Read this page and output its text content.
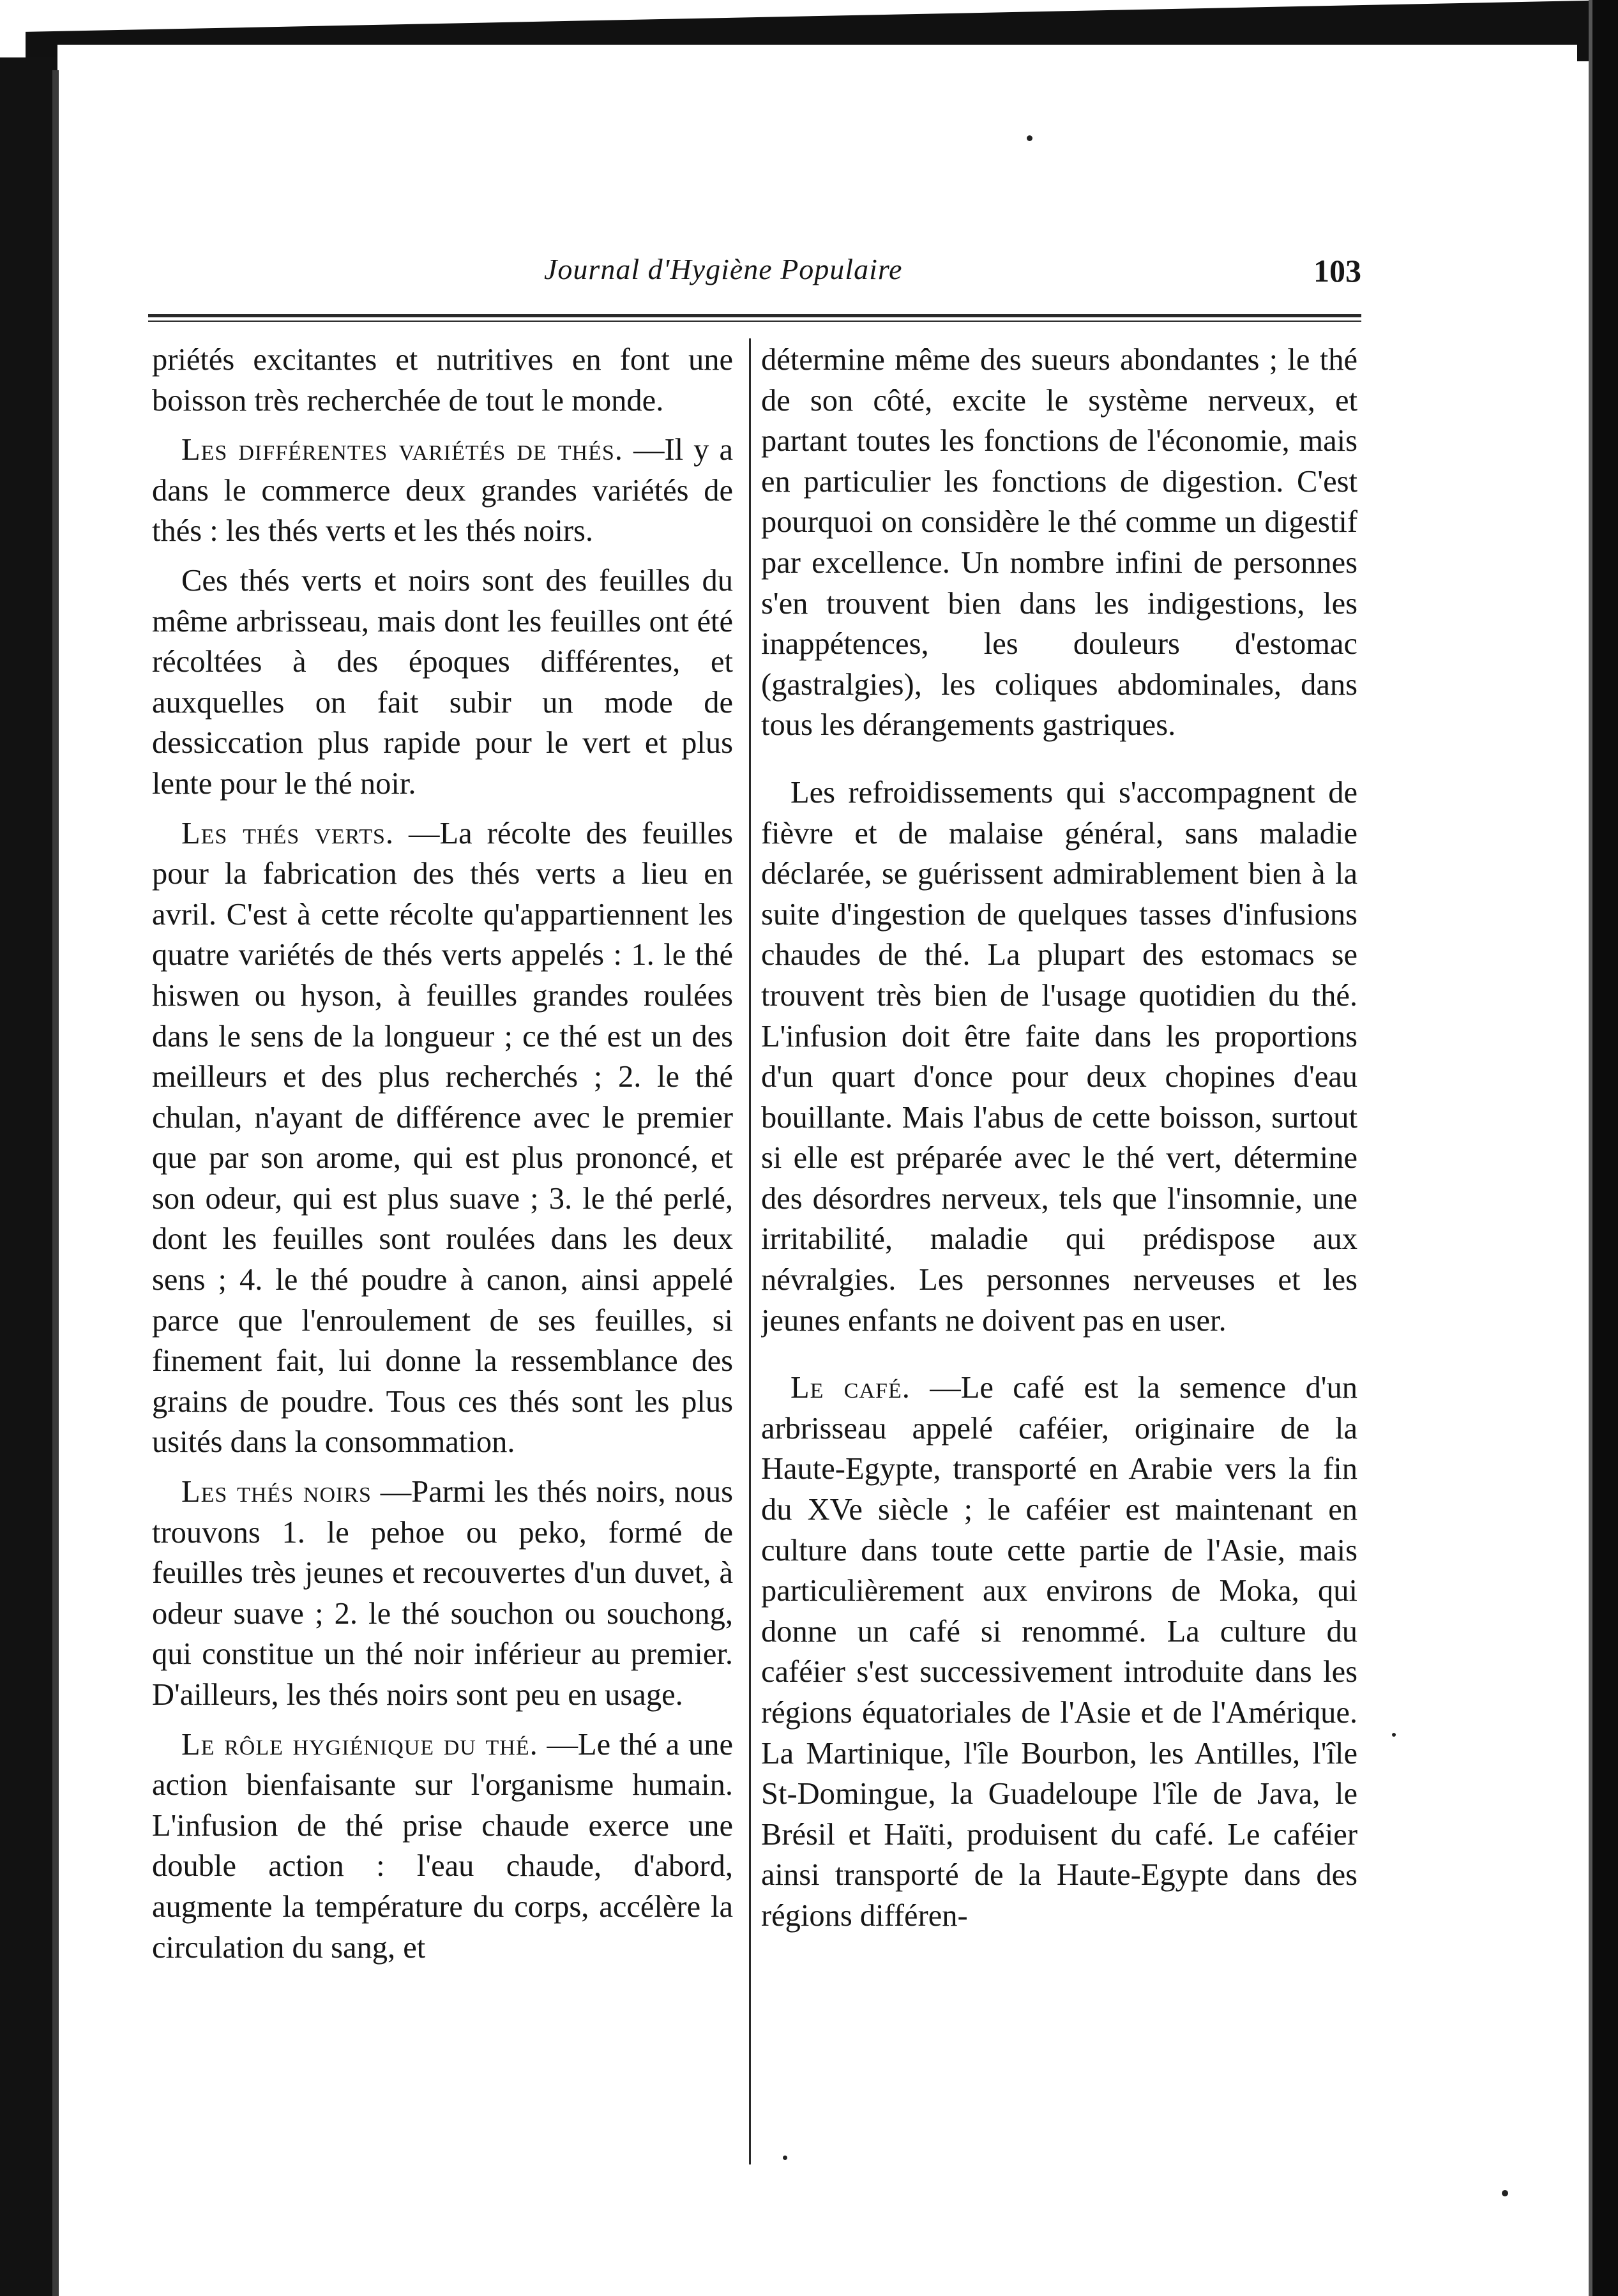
Journal d'Hygiène Populaire	103

priétés excitantes et nutritives en font une boisson très recherchée de tout le monde.

Les différentes variétés de thés. —Il y a dans le commerce deux grandes variétés de thés : les thés verts et les thés noirs.

Ces thés verts et noirs sont des feuilles du même arbrisseau, mais dont les feuilles ont été récoltées à des époques différentes, et auxquelles on fait subir un mode de dessiccation plus rapide pour le vert et plus lente pour le thé noir.

Les thés verts. —La récolte des feuilles pour la fabrication des thés verts a lieu en avril. C'est à cette récolte qu'appartiennent les quatre variétés de thés verts appelés : 1. le thé hiswen ou hyson, à feuilles grandes roulées dans le sens de la longueur ; ce thé est un des meilleurs et des plus recherchés ; 2. le thé chulan, n'ayant de différence avec le premier que par son arome, qui est plus prononcé, et son odeur, qui est plus suave ; 3. le thé perlé, dont les feuilles sont roulées dans les deux sens ; 4. le thé poudre à canon, ainsi appelé parce que l'enroulement de ses feuilles, si finement fait, lui donne la ressemblance des grains de poudre. Tous ces thés sont les plus usités dans la consommation.

Les thés noirs —Parmi les thés noirs, nous trouvons 1. le pehoe ou peko, formé de feuilles très jeunes et recouvertes d'un duvet, à odeur suave ; 2. le thé souchon ou souchong, qui constitue un thé noir inférieur au premier. D'ailleurs, les thés noirs sont peu en usage.

Le rôle hygiénique du thé. —Le thé a une action bienfaisante sur l'organisme humain. L'infusion de thé prise chaude exerce une double action : l'eau chaude, d'abord, augmente la température du corps, accélère la circulation du sang, et

détermine même des sueurs abondantes ; le thé de son côté, excite le système nerveux, et partant toutes les fonctions de l'économie, mais en particulier les fonctions de digestion. C'est pourquoi on considère le thé comme un digestif par excellence. Un nombre infini de personnes s'en trouvent bien dans les indigestions, les inappétences, les douleurs d'estomac (gastralgies), les coliques abdominales, dans tous les dérangements gastriques.

Les refroidissements qui s'accompagnent de fièvre et de malaise général, sans maladie déclarée, se guérissent admirablement bien à la suite d'ingestion de quelques tasses d'infusions chaudes de thé. La plupart des estomacs se trouvent très bien de l'usage quotidien du thé. L'infusion doit être faite dans les proportions d'un quart d'once pour deux chopines d'eau bouillante. Mais l'abus de cette boisson, surtout si elle est préparée avec le thé vert, détermine des désordres nerveux, tels que l'insomnie, une irritabilité, maladie qui prédispose aux névralgies. Les personnes nerveuses et les jeunes enfants ne doivent pas en user.

Le café. —Le café est la semence d'un arbrisseau appelé caféier, originaire de la Haute-Egypte, transporté en Arabie vers la fin du XVe siècle ; le caféier est maintenant en culture dans toute cette partie de l'Asie, mais particulièrement aux environs de Moka, qui donne un café si renommé. La culture du caféier s'est successivement introduite dans les régions équatoriales de l'Asie et de l'Amérique. La Martinique, l'île Bourbon, les Antilles, l'île St-Domingue, la Guadeloupe l'île de Java, le Brésil et Haïti, produisent du café. Le caféier ainsi transporté de la Haute-Egypte dans des régions différen-
